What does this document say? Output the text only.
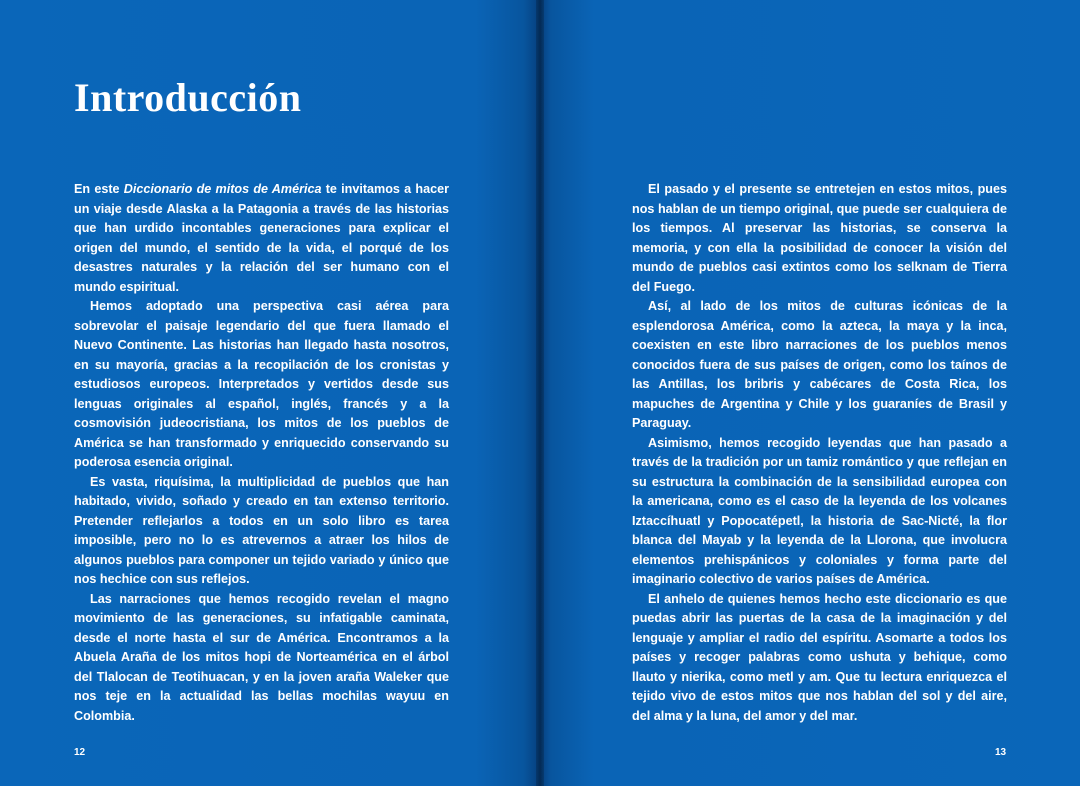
Introducción

En este Diccionario de mitos de América te invitamos a hacer un viaje desde Alaska a la Patagonia a través de las historias que han urdido incontables generaciones para explicar el origen del mundo, el sentido de la vida, el porqué de los desastres naturales y la relación del ser humano con el mundo espiritual.

Hemos adoptado una perspectiva casi aérea para sobrevolar el paisaje legendario del que fuera llamado el Nuevo Continente. Las historias han llegado hasta nosotros, en su mayoría, gracias a la recopilación de los cronistas y estudiosos europeos. Interpretados y vertidos desde sus lenguas originales al español, inglés, francés y a la cosmovisión judeocristiana, los mitos de los pueblos de América se han transformado y enriquecido conservando su poderosa esencia original.

Es vasta, riquísima, la multiplicidad de pueblos que han habitado, vivido, soñado y creado en tan extenso territorio. Pretender reflejarlos a todos en un solo libro es tarea imposible, pero no lo es atrevernos a atraer los hilos de algunos pueblos para componer un tejido variado y único que nos hechice con sus reflejos.

Las narraciones que hemos recogido revelan el magno movimiento de las generaciones, su infatigable caminata, desde el norte hasta el sur de América. Encontramos a la Abuela Araña de los mitos hopi de Norteamérica en el árbol del Tlalocan de Teotihuacan, y en la joven araña Waleker que nos teje en la actualidad las bellas mochilas wayuu en Colombia.

12

El pasado y el presente se entretejen en estos mitos, pues nos hablan de un tiempo original, que puede ser cualquiera de los tiempos. Al preservar las historias, se conserva la memoria, y con ella la posibilidad de conocer la visión del mundo de pueblos casi extintos como los selknam de Tierra del Fuego.

Así, al lado de los mitos de culturas icónicas de la esplendorosa América, como la azteca, la maya y la inca, coexisten en este libro narraciones de los pueblos menos conocidos fuera de sus países de origen, como los taínos de las Antillas, los bribris y cabécares de Costa Rica, los mapuches de Argentina y Chile y los guaraníes de Brasil y Paraguay.

Asimismo, hemos recogido leyendas que han pasado a través de la tradición por un tamiz romántico y que reflejan en su estructura la combinación de la sensibilidad europea con la americana, como es el caso de la leyenda de los volcanes Iztaccíhuatl y Popocatépetl, la historia de Sac-Nicté, la flor blanca del Mayab y la leyenda de la Llorona, que involucra elementos prehispánicos y coloniales y forma parte del imaginario colectivo de varios países de América.

El anhelo de quienes hemos hecho este diccionario es que puedas abrir las puertas de la casa de la imaginación y del lenguaje y ampliar el radio del espíritu. Asomarte a todos los países y recoger palabras como ushuta y behique, como llauto y nierika, como metl y am. Que tu lectura enriquezca el tejido vivo de estos mitos que nos hablan del sol y del aire, del alma y la luna, del amor y del mar.

13
